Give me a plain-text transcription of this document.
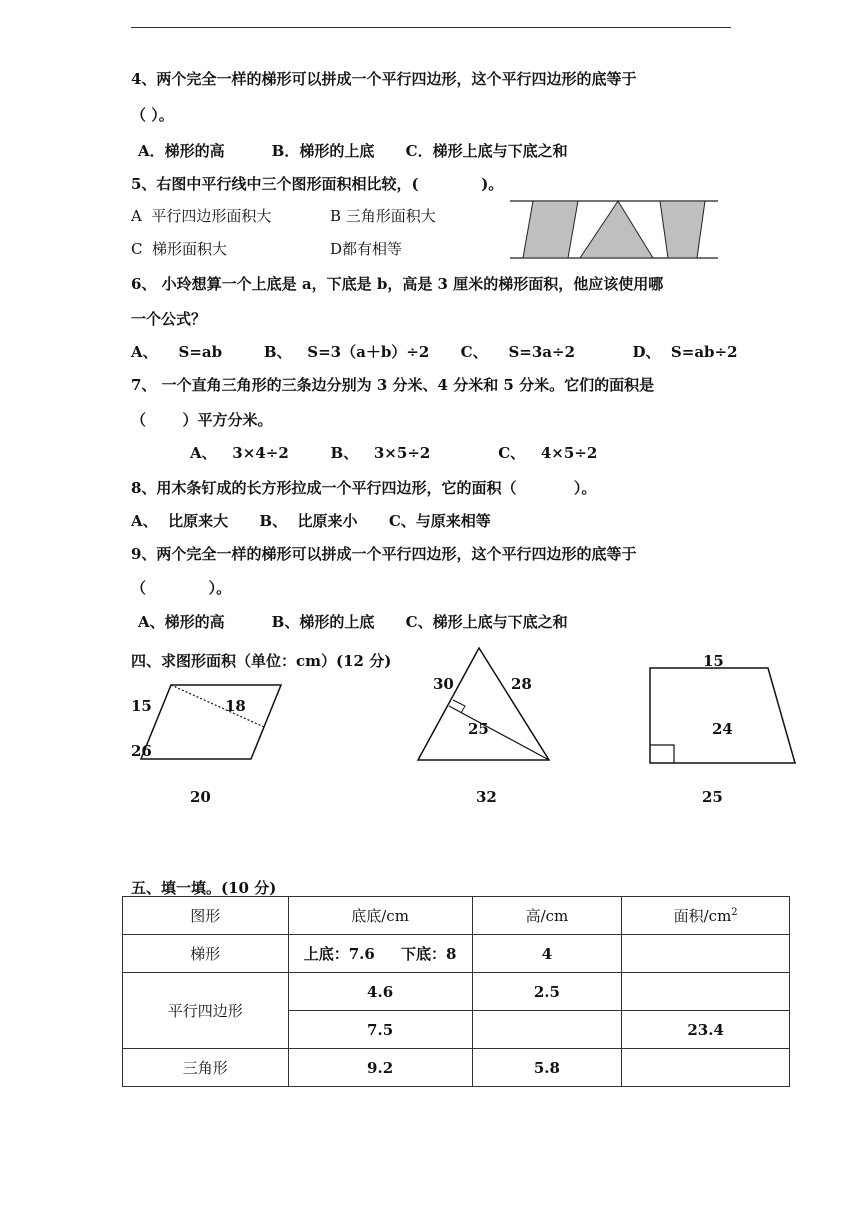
4、两个完全一样的梯形可以拼成一个平行四边形，这个平行四边形的底等于
（ ）。
A．梯形的高         B．梯形的上底      C．梯形上底与下底之和
5、右图中平行线中三个图形面积相比较，(            )。
A  平行四边形面积大	B 三角形面积大
C  梯形面积大	D都有相等
6、 小玲想算一个上底是 a，下底是 b，高是 3 厘米的梯形面积，他应该使用哪
一个公式？
A、    S=ab        B、   S=3（a＋b）÷2      C、    S=3a÷2           D、  S=ab÷2
7、 一个直角三角形的三条边分别为 3 分米、4 分米和 5 分米。它们的面积是
（       ）平方分米。
A、   3×4÷2        B、   3×5÷2             C、   4×5÷2
8、用木条钉成的长方形拉成一个平行四边形，它的面积（           ）。
A、  比原来大      B、  比原来小      C、与原来相等
9、两个完全一样的梯形可以拼成一个平行四边形，这个平行四边形的底等于
（            ）。
A、梯形的高         B、梯形的上底      C、梯形上底与下底之和
四、求图形面积（单位：cm）(12 分)
15	18
26
20
30	28
25
32
15
24
25
五、填一填。(10 分)
图形	底底/cm	高/cm	面积$/cm^2$
梯形	上底：7.6     下底：8	4	
平行四边形	4.6	2.5	
	7.5		23.4
三角形	9.2	5.8	
